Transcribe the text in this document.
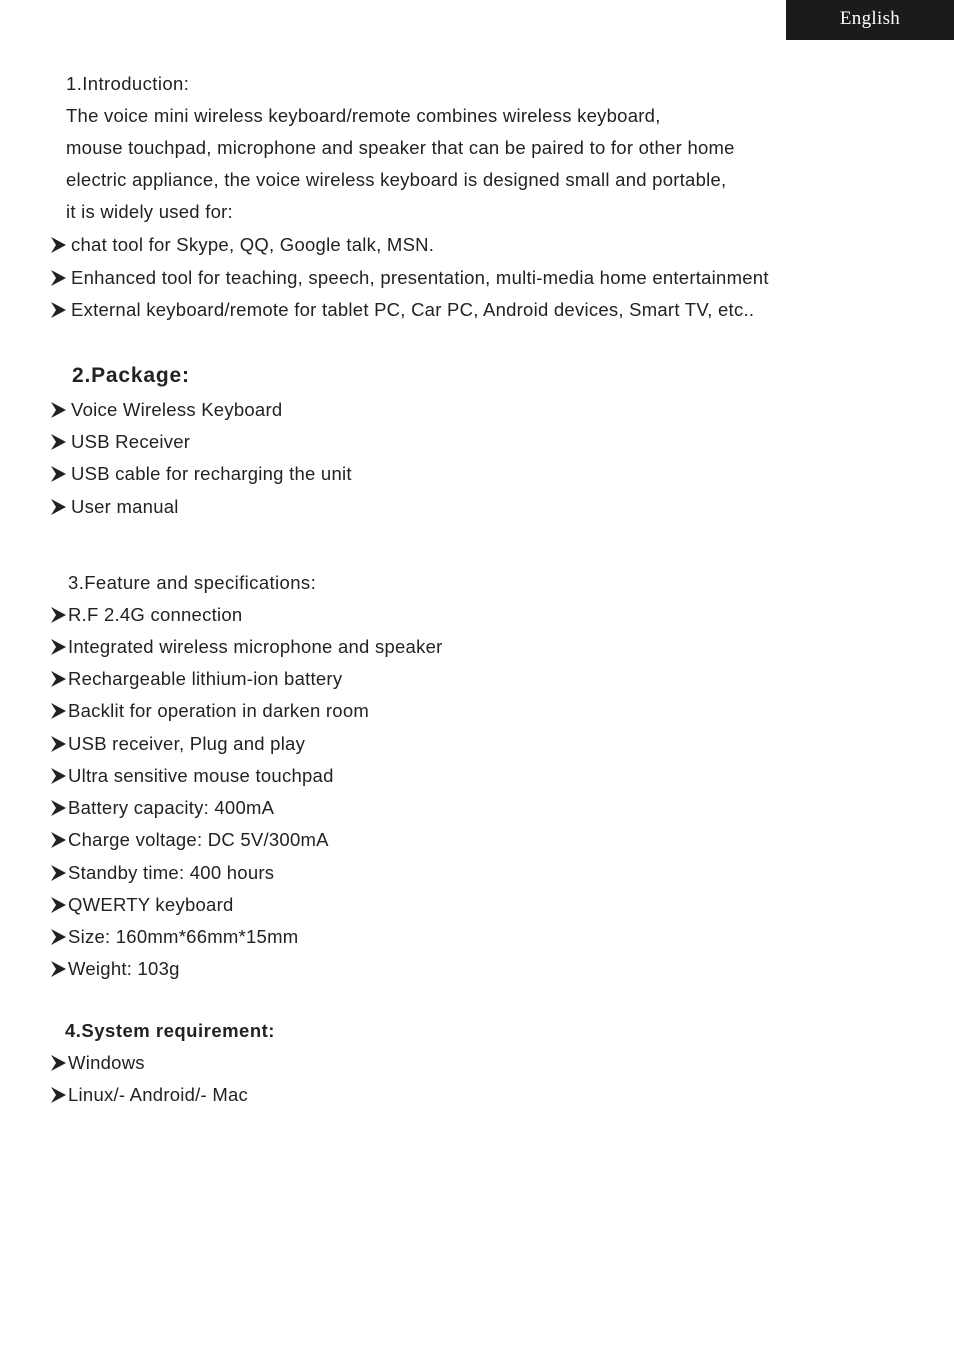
English
1.Introduction:
The voice mini wireless keyboard/remote combines wireless keyboard,
mouse touchpad, microphone and speaker that can be paired to for other home
electric appliance, the voice wireless keyboard is designed small and portable,
it is widely used for:
chat tool for Skype, QQ, Google talk, MSN.
Enhanced tool for teaching, speech, presentation, multi-media home entertainment
External keyboard/remote for tablet PC, Car PC, Android devices, Smart TV, etc..
2.Package:
Voice Wireless Keyboard
USB Receiver
USB cable for recharging the unit
User manual
3.Feature and specifications:
R.F 2.4G connection
Integrated wireless microphone and speaker
Rechargeable lithium-ion battery
Backlit for operation in darken room
USB receiver, Plug and play
Ultra sensitive mouse touchpad
Battery capacity: 400mA
Charge voltage: DC 5V/300mA
Standby time: 400 hours
QWERTY keyboard
Size: 160mm*66mm*15mm
Weight: 103g
4.System requirement:
Windows
Linux/- Android/- Mac
